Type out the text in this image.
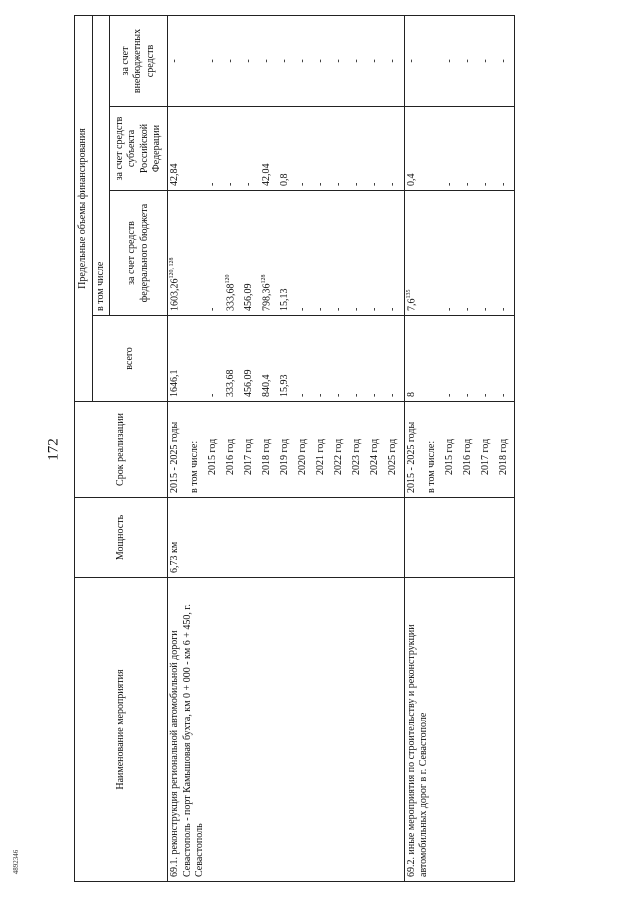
172
4892346
Наименование мероприятия	Мощность	Срок реализации	Предельные объемы финансирования			
			всего	в том числе		
				за счет средств федерального бюджета	за счет средств субъекта Российской Федерации	за счет внебюджетных средств

69.1. реконструкция региональной автомобильной дороги Севастополь - порт Камышовая бухта, км 0 + 000 - км 6 + 450, г. Севастополь	6,73 км	2015 - 2025 годы	1646,1	1603,26$^{120, 128}$	42,84	-
		в том числе:				
		2015 год	-	-	-	-
		2016 год	333,68	333,68$^{120}$	-	-
		2017 год	456,09	456,09	-	-
		2018 год	840,4	798,36$^{128}$	42,04	-
		2019 год	15,93	15,13	0,8	-
		2020 год	-	-	-	-
		2021 год	-	-	-	-
		2022 год	-	-	-	-
		2023 год	-	-	-	-
		2024 год	-	-	-	-
		2025 год	-	-	-	-

69.2. иные мероприятия по строительству и реконструкции автомобильных дорог в г. Севастополе		2015 - 2025 годы	8	$7,6^{135}$	0,4	-
		в том числе:				
		2015 год	-	-	-	-
		2016 год	-	-	-	-
		2017 год	-	-	-	-
		2018 год	-	-	-	-
